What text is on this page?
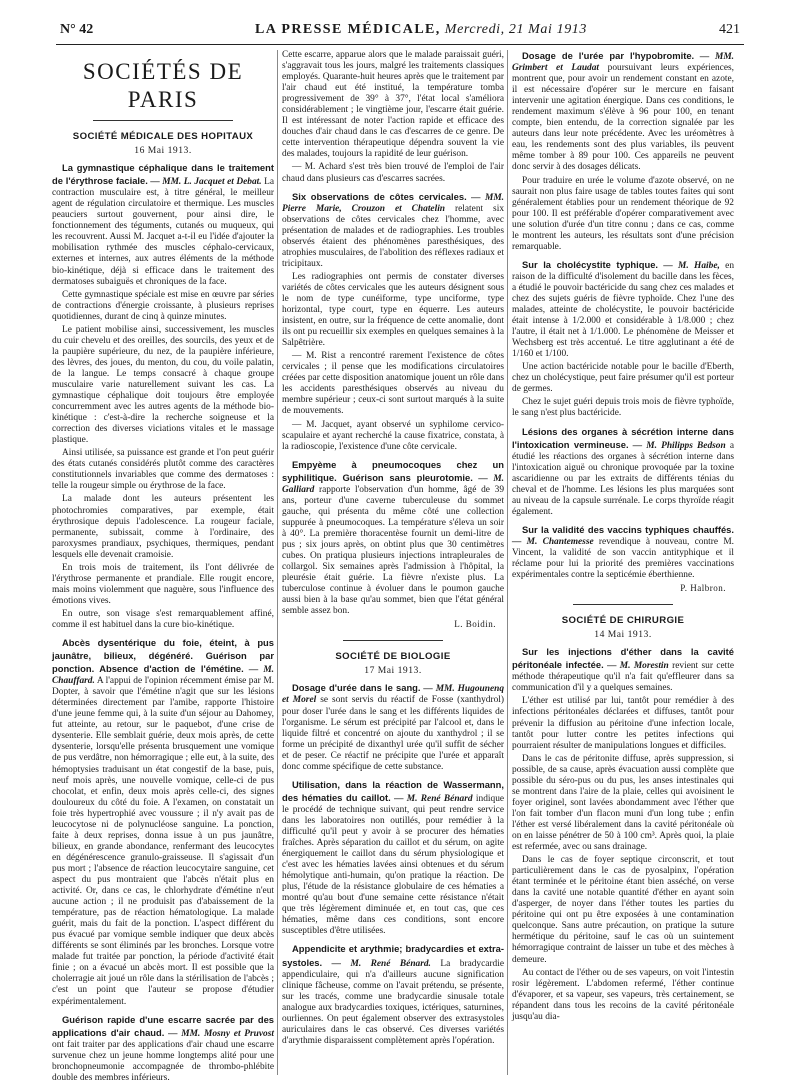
N° 42	LA PRESSE MÉDICALE, Mercredi, 21 Mai 1913	421
SOCIÉTÉS DE PARIS
SOCIÉTÉ MÉDICALE DES HOPITAUX
16 Mai 1913.

La gymnastique céphalique dans le traitement de l'érythrose faciale. — MM. L. Jacquet et Debat. La contraction musculaire est, à titre général, le meilleur agent de régulation circulatoire et thermique. Les muscles peauciers surtout gouvernent, pour ainsi dire, le fonctionnement des téguments, cutanés ou muqueux, qui les recouvrent. Aussi M. Jacquet a-t-il eu l'idée d'ajouter la mobilisation rythmée des muscles céphalo-cervicaux, externes et internes, aux autres éléments de la méthode bio-kinétique, déjà si efficace dans le traitement des dermatoses subaiguës et chroniques de la face.

Cette gymnastique spéciale est mise en œuvre par séries de contractions d'énergie croissante, à plusieurs reprises quotidiennes, durant de cinq à quinze minutes.

Le patient mobilise ainsi, successivement, les muscles du cuir chevelu et des oreilles, des sourcils, des yeux et de la paupière supérieure, du nez, de la paupière inférieure, des lèvres, des joues, du menton, du cou, du voile palatin, de la langue. Le temps consacré à chaque groupe musculaire varie naturellement suivant les cas. La gymnastique céphalique doit toujours être employée concurremment avec les autres agents de la méthode bio-kinétique : c'est-à-dire la recherche soigneuse et la correction des diverses viciations vitales et le massage plastique.

Ainsi utilisée, sa puissance est grande et l'on peut guérir des états cutanés considérés plutôt comme des caractères constitutionnels invariables que comme des dermatoses : telle la rougeur simple ou érythrose de la face.

La malade dont les auteurs présentent les photochromies comparatives, par exemple, était érythrosique depuis l'adolescence. La rougeur faciale, permanente, subissait, comme à l'ordinaire, des paroxysmes prandiaux, psychiques, thermiques, pendant lesquels elle devenait cramoisie.

En trois mois de traitement, ils l'ont délivrée de l'érythrose permanente et prandiale. Elle rougit encore, mais moins violemment que naguère, sous l'influence des émotions vives.

En outre, son visage s'est remarquablement affiné, comme il est habituel dans la cure bio-kinétique.

Abcès dysentérique du foie, éteint, à pus jaunâtre, bilieux, dégénéré. Guérison par ponction. Absence d'action de l'émétine. — M. Chauffard. A l'appui de l'opinion récemment émise par M. Dopter, à savoir que l'émétine n'agit que sur les lésions déterminées directement par l'amibe, rapporte l'histoire d'une jeune femme qui, à la suite d'un séjour au Dahomey, fut atteinte, au retour, sur le paquebot, d'une crise de dysenterie. Elle semblait guérie, deux mois après, de cette dysenterie, lorsqu'elle présenta brusquement une vomique de pus verdâtre, non hémorragique ; elle eut, à la suite, des hémoptysies traduisant un état congestif de la base, puis, neuf mois après, une nouvelle vomique, celle-ci de pus chocolat, et enfin, deux mois après celle-ci, des signes douloureux du côté du foie. A l'examen, on constatait un foie très hypertrophié avec voussure ; il n'y avait pas de leucocytose ni de polynucléose sanguine. La ponction, faite à deux reprises, donna issue à un pus jaunâtre, bilieux, en grande abondance, renfermant des leucocytes en dégénérescence granulo-graisseuse. Il s'agissait d'un pus mort ; l'absence de réaction leucocytaire sanguine, cet aspect du pus montraient que l'abcès n'était plus en activité. Or, dans ce cas, le chlorhydrate d'émétine n'eut aucune action ; il ne produisit pas d'abaissement de la température, pas de réaction hématologique. La malade guérit, mais du fait de la ponction. L'aspect différent du pus évacué par vomique semble indiquer que deux abcès différents se sont éliminés par les bronches. Lorsque votre malade fut traitée par ponction, la période d'activité était finie ; on a évacué un abcès mort. Il est possible que la cholerragie ait joué un rôle dans la stérilisation de l'abcès ; c'est un point que l'auteur se propose d'étudier expérimentalement.

Guérison rapide d'une escarre sacrée par des applications d'air chaud. — MM. Mosny et Pruvost ont fait traiter par des applications d'air chaud une escarre survenue chez un jeune homme longtemps alité pour une bronchopneumonie accompagnée de thrombo-phlébite double des membres inférieurs.

Cette escarre, apparue alors que le malade paraissait guéri, s'aggravait tous les jours, malgré les traitements classiques employés. Quarante-huit heures après que le traitement par l'air chaud eut été institué, la température tomba progressivement de 39° à 37°, l'état local s'améliora considérablement ; le vingtième jour, l'escarre était guérie. Il est intéressant de noter l'action rapide et efficace des douches d'air chaud dans le cas d'escarres de ce genre. De cette intervention thérapeutique dépendra souvent la vie des malades, toujours la rapidité de leur guérison.

— M. Achard s'est très bien trouvé de l'emploi de l'air chaud dans plusieurs cas d'escarres sacrées.

Six observations de côtes cervicales. — MM. Pierre Marie, Crouzon et Chatelin relatent six observations de côtes cervicales chez l'homme, avec présentation de malades et de radiographies. Les troubles observés étaient des phénomènes paresthésiques, des atrophies musculaires, de l'abolition des réflexes radiaux et tricipitaux.

Les radiographies ont permis de constater diverses variétés de côtes cervicales que les auteurs désignent sous le nom de type cunéiforme, type unciforme, type horizontal, type court, type en équerre. Les auteurs insistent, en outre, sur la fréquence de cette anomalie, dont ils ont pu recueillir six exemples en quelques semaines à la Salpêtrière.

— M. Rist a rencontré rarement l'existence de côtes cervicales ; il pense que les modifications circulatoires créées par cette disposition anatomique jouent un rôle dans les accidents paresthésiques observés au niveau du membre supérieur ; ceux-ci sont surtout marqués à la suite de mouvements.

— M. Jacquet, ayant observé un syphilome cervico-scapulaire et ayant recherché la cause fixatrice, constata, à la radioscopie, l'existence d'une côte cervicale.

Empyème à pneumocoques chez un syphilitique. Guérison sans pleurotomie. — M. Galliard rapporte l'observation d'un homme, âgé de 39 ans, porteur d'une caverne tuberculeuse du sommet gauche, qui présenta du même côté une collection suppurée à pneumocoques. La température s'éleva un soir à 40°. La première thoracentèse fournit un demi-litre de pus ; six jours après, on obtint plus que 30 centimètres cubes. On pratiqua plusieurs injections intrapleurales de collargol. Six semaines après l'admission à l'hôpital, la pleurésie était guérie. La fièvre n'existe plus. La tuberculose continue à évoluer dans le poumon gauche aussi bien à la base qu'au sommet, bien que l'état général semble assez bon.

L. Boidin.
SOCIÉTÉ DE BIOLOGIE
17 Mai 1913.

Dosage d'urée dans le sang. — MM. Hugounenq et Morel se sont servis du réactif de Fosse (xanthydrol) pour doser l'urée dans le sang et les différents liquides de l'organisme. Le sérum est précipité par l'alcool et, dans le liquide filtré et concentré on ajoute du xanthydrol ; il se forme un précipité de dixanthyl urée qu'il suffit de sécher et de peser. Ce réactif ne précipite que l'urée et apparaît donc comme spécifique de cette substance.

Utilisation, dans la réaction de Wassermann, des hématies du caillot. — M. René Bénard indique le procédé de technique suivant, qui peut rendre service dans les laboratoires non outillés, pour remédier à la difficulté qu'il peut y avoir à se procurer des hématies fraîches. Après séparation du caillot et du sérum, on agite énergiquement le caillot dans du sérum physiologique et c'est avec les hématies lavées ainsi obtenues et du sérum hémolytique anti-humain, qu'on pratique la réaction. De plus, l'étude de la résistance globulaire de ces hématies a montré qu'au bout d'une semaine cette résistance n'était que très légèrement diminuée et, en tout cas, que ces hématies, même dans ces conditions, sont encore susceptibles d'être utilisées.

Appendicite et arythmie; bradycardies et extra-systoles. — M. René Bénard. La bradycardie appendiculaire, qui n'a d'ailleurs aucune signification clinique fâcheuse, comme on l'avait prétendu, se présente, sur les tracés, comme une bradycardie sinusale totale analogue aux bradycardies toxiques, ictériques, saturnines, ourliennes. On peut également observer des extrasystoles auriculaires dans le cas observé. Ces diverses variétés d'arythmie disparaissent complètement après l'opération.

Dosage de l'urée par l'hypobromite. — MM. Grimbert et Laudat poursuivant leurs expériences, montrent que, pour avoir un rendement constant en azote, il est nécessaire d'opérer sur le mercure en faisant intervenir une agitation énergique. Dans ces conditions, le rendement maximum s'élève à 96 pour 100, en tenant compte, bien entendu, de la correction signalée par les auteurs dans leur note précédente. Avec les uréomètres à eau, les rendements sont des plus variables, ils peuvent même tomber à 89 pour 100. Ces appareils ne peuvent donc servir à des dosages délicats.

Pour traduire en urée le volume d'azote observé, on ne saurait non plus faire usage de tables toutes faites qui sont généralement établies pour un rendement théorique de 92 pour 100. Il est préférable d'opérer comparativement avec une solution d'urée d'un titre connu ; dans ce cas, comme le montrent les auteurs, les résultats sont d'une précision remarquable.

Sur la cholécystite typhique. — M. Haibe, en raison de la difficulté d'isolement du bacille dans les fèces, a étudié le pouvoir bactéricide du sang chez ces malades et chez des sujets guéris de fièvre typhoïde. Chez l'une des malades, atteinte de cholécystite, le pouvoir bactéricide était intense à 1/2.000 et considérable à 1/8.000 ; chez l'autre, il était net à 1/1.000. Le phénomène de Meisser et Wechsberg est très accentué. Le titre agglutinant a été de 1/160 et 1/100.

Une action bactéricide notable pour le bacille d'Eberth, chez un cholécystique, peut faire présumer qu'il est porteur de germes.

Chez le sujet guéri depuis trois mois de fièvre typhoïde, le sang n'est plus bactéricide.

Lésions des organes à sécrétion interne dans l'intoxication vermineuse. — M. Philipps Bedson a étudié les réactions des organes à sécrétion interne dans l'intoxication aiguë ou chronique provoquée par la toxine ascaridienne ou par les extraits de différents ténias du cheval et de l'homme. Les lésions les plus marquées sont au niveau de la capsule surrénale. Le corps thyroïde réagit également.

Sur la validité des vaccins typhiques chauffés. — M. Chantemesse revendique à nouveau, contre M. Vincent, la validité de son vaccin antityphique et il réclame pour lui la priorité des premières vaccinations expérimentales contre la septicémie éberthienne.

P. Halbron.
SOCIÉTÉ DE CHIRURGIE
14 Mai 1913.

Sur les injections d'éther dans la cavité péritonéale infectée. — M. Morestin revient sur cette méthode thérapeutique qu'il n'a fait qu'effleurer dans sa communication d'il y a quelques semaines.

L'éther est utilisé par lui, tantôt pour remédier à des infections péritonéales déclarées et diffuses, tantôt pour prévenir la diffusion au péritoine d'une infection locale, tantôt pour lutter contre les petites infections qui pourraient résulter de manipulations longues et difficiles.

Dans le cas de péritonite diffuse, après suppression, si possible, de sa cause, après évacuation aussi complète que possible du séro-pus ou du pus, les anses intestinales qui se montrent dans l'aire de la plaie, celles qui avoisinent le foyer originel, sont lavées abondamment avec l'éther que l'on fait tomber d'un flacon muni d'un long tube ; enfin l'éther est versé libéralement dans la cavité péritonéale où on en laisse pénétrer de 50 à 100 cm³. Après quoi, la plaie est refermée, avec ou sans drainage.

Dans le cas de foyer septique circonscrit, et tout particulièrement dans le cas de pyosalpinx, l'opération étant terminée et le péritoine étant bien asséché, on verse dans la cavité une notable quantité d'éther en ayant soin d'asperger, de noyer dans l'éther toutes les parties du péritoine qui ont pu être exposées à une contamination quelconque. Sans autre précaution, on pratique la suture hermétique du péritoine, sauf le cas où un suintement hémorragique contraint de laisser un tube et des mèches à demeure.

Au contact de l'éther ou de ses vapeurs, on voit l'intestin rosir légèrement. L'abdomen refermé, l'éther continue d'évaporer, et sa vapeur, ses vapeurs, très certainement, se répandent dans tous les recoins de la cavité péritonéale jusqu'au dia-
